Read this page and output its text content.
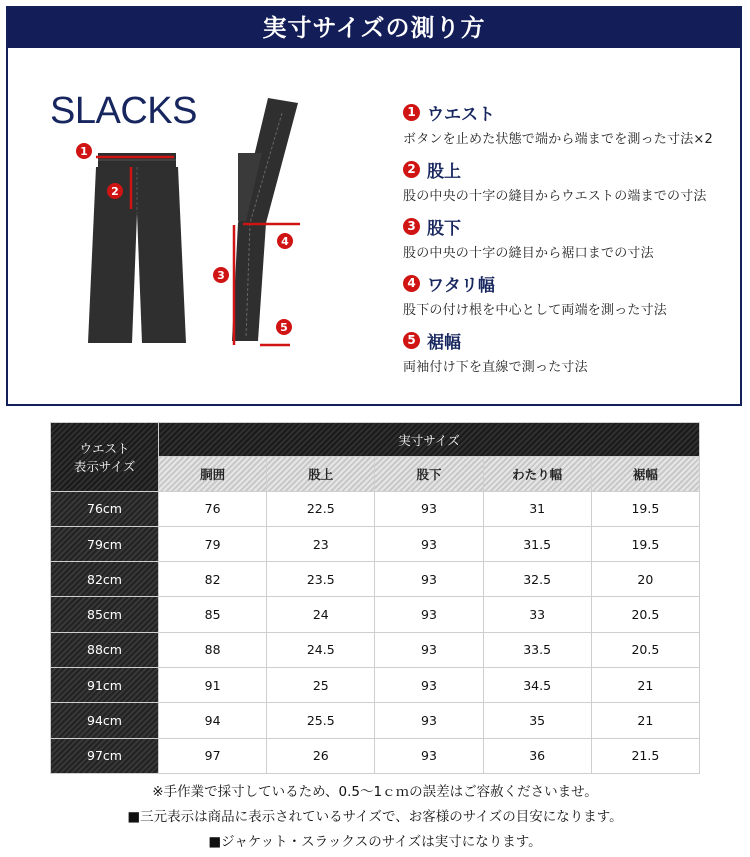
実寸サイズの測り方
SLACKS
1
2
3
4
5
1 ウエスト
ボタンを止めた状態で端から端までを測った寸法×2
2 股上
股の中央の十字の縫目からウエストの端までの寸法
3 股下
股の中央の十字の縫目から裾口までの寸法
4 ワタリ幅
股下の付け根を中心として両端を測った寸法
5 裾幅
両袖付け下を直線で測った寸法
ウエスト
表示サイズ	実寸サイズ				
	胴囲	股上	股下	わたり幅	裾幅
76cm	76	22.5	93	31	19.5
79cm	79	23	93	31.5	19.5
82cm	82	23.5	93	32.5	20
85cm	85	24	93	33	20.5
88cm	88	24.5	93	33.5	20.5
91cm	91	25	93	34.5	21
94cm	94	25.5	93	35	21
97cm	97	26	93	36	21.5
※手作業で採寸しているため、0.5～1ｃｍの誤差はご容赦くださいませ。
■三元表示は商品に表示されているサイズで、お客様のサイズの目安になります。
■ジャケット・スラックスのサイズは実寸になります。
